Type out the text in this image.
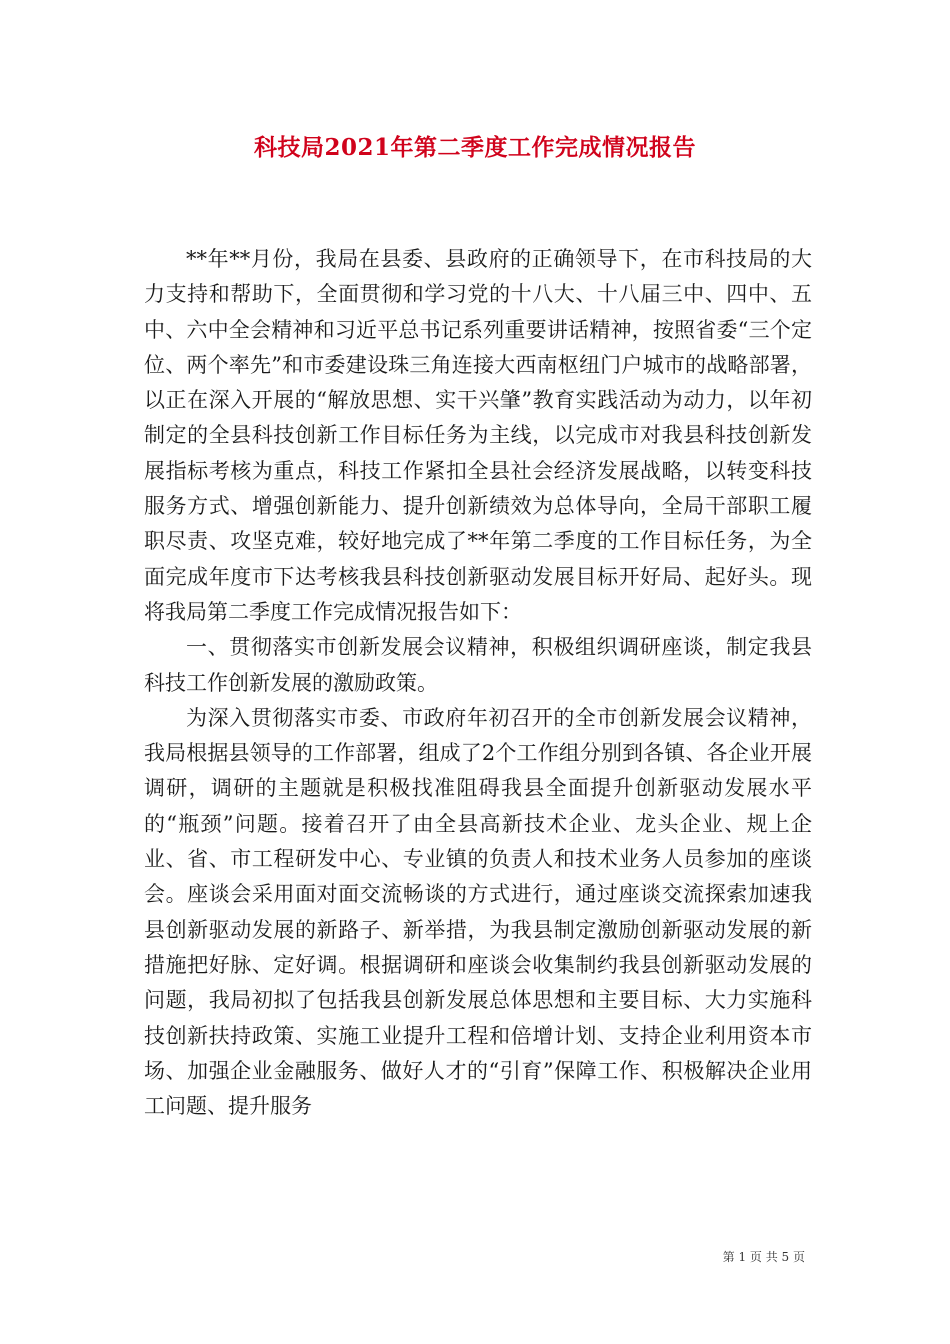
科技局2021年第二季度工作完成情况报告

**年**月份，我局在县委、县政府的正确领导下，在市科技局的大力支持和帮助下，全面贯彻和学习党的十八大、十八届三中、四中、五中、六中全会精神和习近平总书记系列重要讲话精神，按照省委“三个定位、两个率先”和市委建设珠三角连接大西南枢纽门户城市的战略部署，以正在深入开展的“解放思想、实干兴肇”教育实践活动为动力，以年初制定的全县科技创新工作目标任务为主线，以完成市对我县科技创新发展指标考核为重点，科技工作紧扣全县社会经济发展战略，以转变科技服务方式、增强创新能力、提升创新绩效为总体导向，全局干部职工履职尽责、攻坚克难，较好地完成了**年第二季度的工作目标任务，为全面完成年度市下达考核我县科技创新驱动发展目标开好局、起好头。现将我局第二季度工作完成情况报告如下：

一、贯彻落实市创新发展会议精神，积极组织调研座谈，制定我县科技工作创新发展的激励政策。

为深入贯彻落实市委、市政府年初召开的全市创新发展会议精神，我局根据县领导的工作部署，组成了2个工作组分别到各镇、各企业开展调研，调研的主题就是积极找准阻碍我县全面提升创新驱动发展水平的“瓶颈”问题。接着召开了由全县高新技术企业、龙头企业、规上企业、省、市工程研发中心、专业镇的负责人和技术业务人员参加的座谈会。座谈会采用面对面交流畅谈的方式进行，通过座谈交流探索加速我县创新驱动发展的新路子、新举措，为我县制定激励创新驱动发展的新措施把好脉、定好调。根据调研和座谈会收集制约我县创新驱动发展的问题，我局初拟了包括我县创新发展总体思想和主要目标、大力实施科技创新扶持政策、实施工业提升工程和倍增计划、支持企业利用资本市场、加强企业金融服务、做好人才的“引育”保障工作、积极解决企业用工问题、提升服务

第 1 页 共 5 页
